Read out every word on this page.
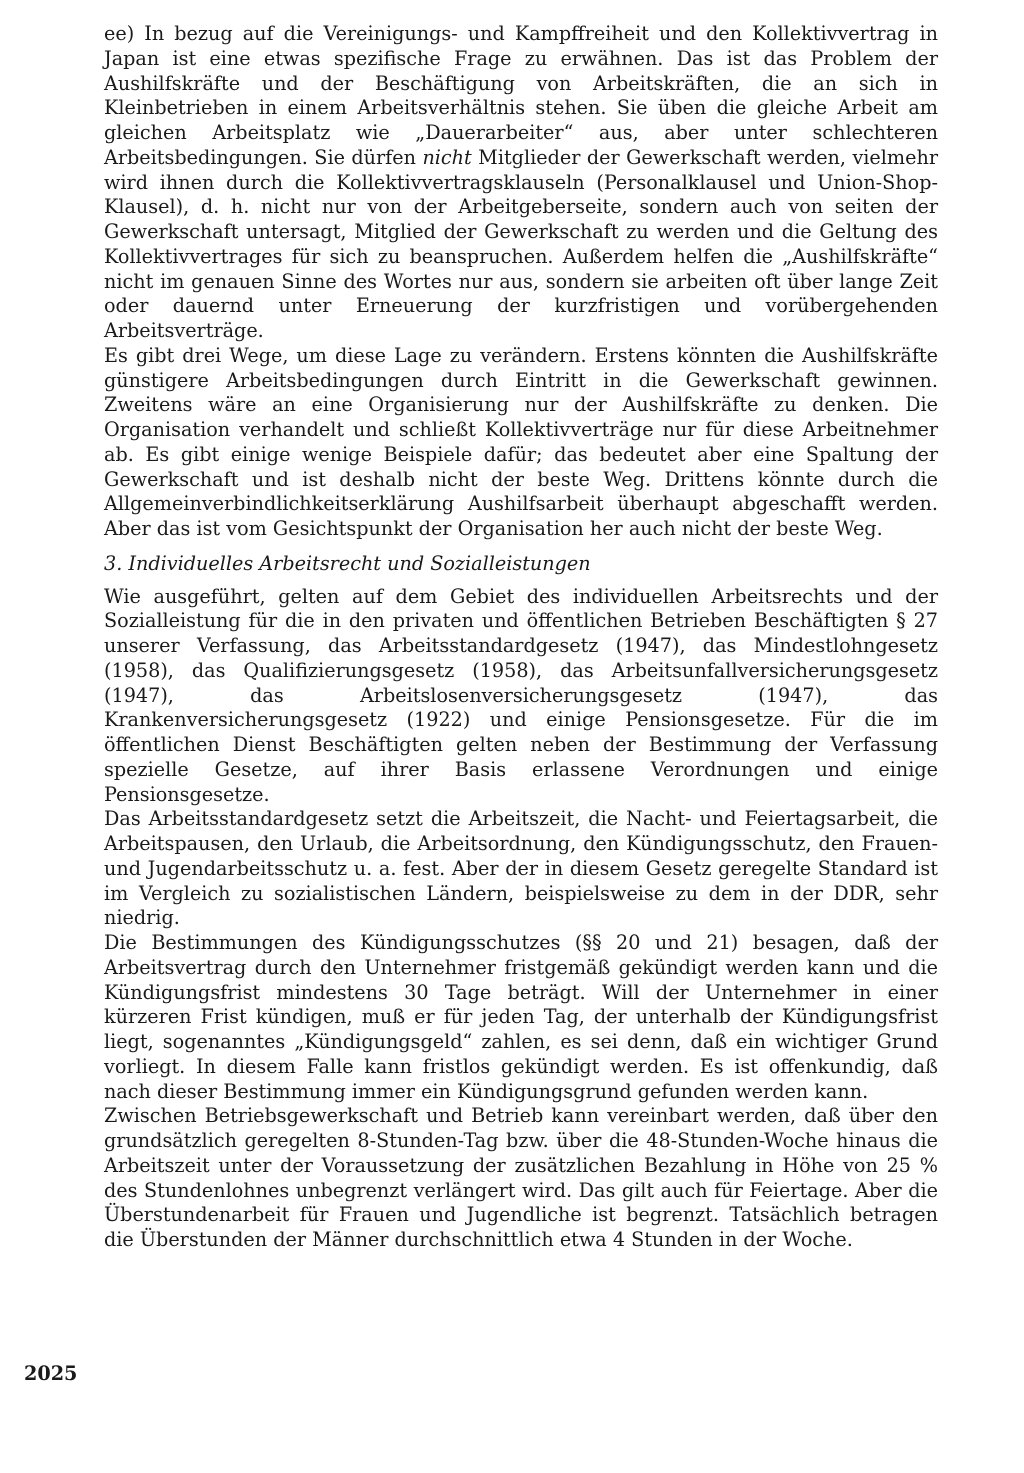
ee) In bezug auf die Vereinigungs- und Kampffreiheit und den Kollektivvertrag in Japan ist eine etwas spezifische Frage zu erwähnen. Das ist das Problem der Aushilfskräfte und der Beschäftigung von Arbeitskräften, die an sich in Kleinbetrieben in einem Arbeitsverhältnis stehen. Sie üben die gleiche Arbeit am gleichen Arbeitsplatz wie „Dauerarbeiter“ aus, aber unter schlechteren Arbeitsbedingungen. Sie dürfen nicht Mitglieder der Gewerkschaft werden, vielmehr wird ihnen durch die Kollektivvertragsklauseln (Personalklausel und Union-Shop-Klausel), d. h. nicht nur von der Arbeitgeberseite, sondern auch von seiten der Gewerkschaft untersagt, Mitglied der Gewerkschaft zu werden und die Geltung des Kollektivvertrages für sich zu beanspruchen. Außerdem helfen die „Aushilfskräfte“ nicht im genauen Sinne des Wortes nur aus, sondern sie arbeiten oft über lange Zeit oder dauernd unter Erneuerung der kurzfristigen und vorübergehenden Arbeitsverträge.

Es gibt drei Wege, um diese Lage zu verändern. Erstens könnten die Aushilfskräfte günstigere Arbeitsbedingungen durch Eintritt in die Gewerkschaft gewinnen. Zweitens wäre an eine Organisierung nur der Aushilfskräfte zu denken. Die Organisation verhandelt und schließt Kollektivverträge nur für diese Arbeitnehmer ab. Es gibt einige wenige Beispiele dafür; das bedeutet aber eine Spaltung der Gewerkschaft und ist deshalb nicht der beste Weg. Drittens könnte durch die Allgemeinverbindlichkeitserklärung Aushilfsarbeit überhaupt abgeschafft werden. Aber das ist vom Gesichtspunkt der Organisation her auch nicht der beste Weg.

3. Individuelles Arbeitsrecht und Sozialleistungen

Wie ausgeführt, gelten auf dem Gebiet des individuellen Arbeitsrechts und der Sozialleistung für die in den privaten und öffentlichen Betrieben Beschäftigten § 27 unserer Verfassung, das Arbeitsstandardgesetz (1947), das Mindestlohngesetz (1958), das Qualifizierungsgesetz (1958), das Arbeitsunfallversicherungsgesetz (1947), das Arbeitslosenversicherungsgesetz (1947), das Krankenversicherungsgesetz (1922) und einige Pensionsgesetze. Für die im öffentlichen Dienst Beschäftigten gelten neben der Bestimmung der Verfassung spezielle Gesetze, auf ihrer Basis erlassene Verordnungen und einige Pensionsgesetze.

Das Arbeitsstandardgesetz setzt die Arbeitszeit, die Nacht- und Feiertagsarbeit, die Arbeitspausen, den Urlaub, die Arbeitsordnung, den Kündigungsschutz, den Frauen- und Jugendarbeitsschutz u. a. fest. Aber der in diesem Gesetz geregelte Standard ist im Vergleich zu sozialistischen Ländern, beispielsweise zu dem in der DDR, sehr niedrig.

Die Bestimmungen des Kündigungsschutzes (§§ 20 und 21) besagen, daß der Arbeitsvertrag durch den Unternehmer fristgemäß gekündigt werden kann und die Kündigungsfrist mindestens 30 Tage beträgt. Will der Unternehmer in einer kürzeren Frist kündigen, muß er für jeden Tag, der unterhalb der Kündigungsfrist liegt, sogenanntes „Kündigungsgeld“ zahlen, es sei denn, daß ein wichtiger Grund vorliegt. In diesem Falle kann fristlos gekündigt werden. Es ist offenkundig, daß nach dieser Bestimmung immer ein Kündigungsgrund gefunden werden kann.

Zwischen Betriebsgewerkschaft und Betrieb kann vereinbart werden, daß über den grundsätzlich geregelten 8-Stunden-Tag bzw. über die 48-Stunden-Woche hinaus die Arbeitszeit unter der Voraussetzung der zusätzlichen Bezahlung in Höhe von 25 % des Stundenlohnes unbegrenzt verlängert wird. Das gilt auch für Feiertage. Aber die Überstundenarbeit für Frauen und Jugendliche ist begrenzt. Tatsächlich betragen die Überstunden der Männer durchschnittlich etwa 4 Stunden in der Woche.

2025
